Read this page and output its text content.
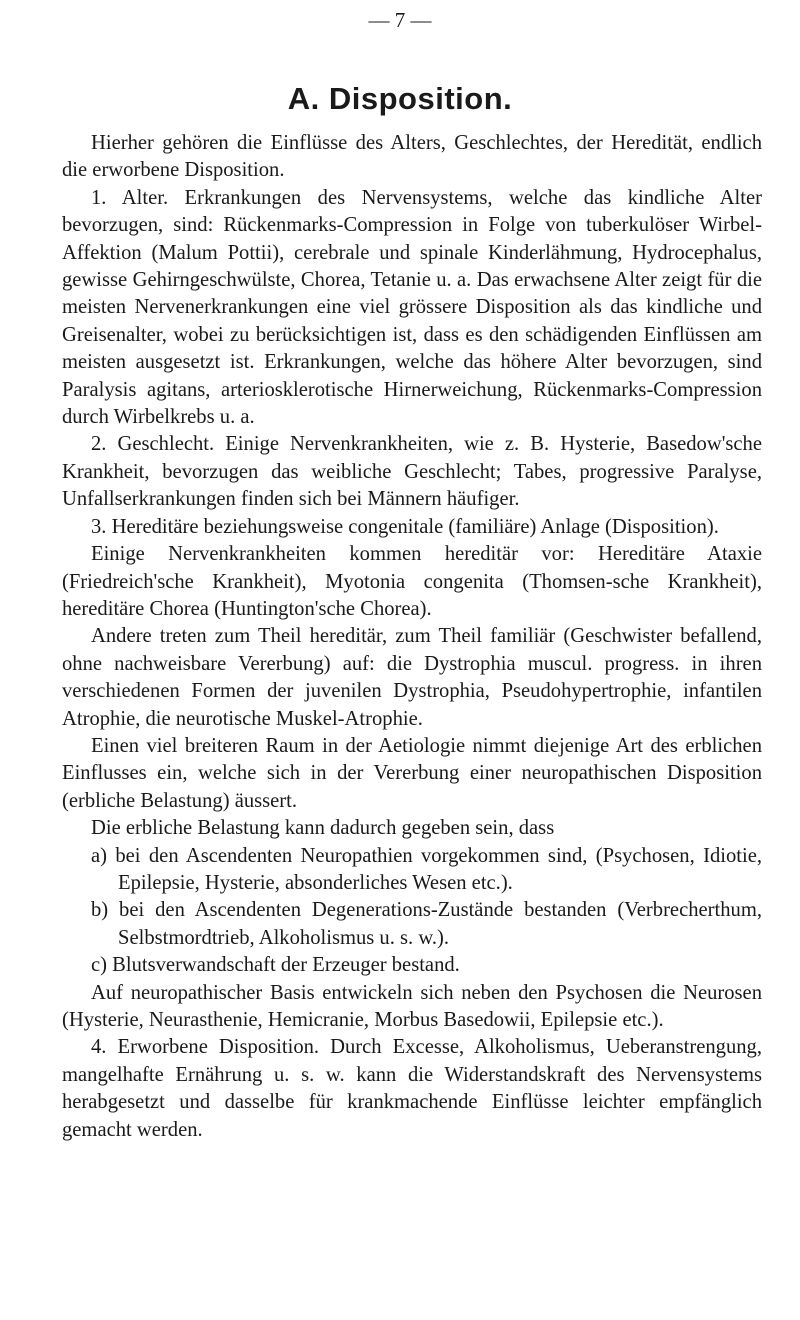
— 7 —
A. Disposition.

Hierher gehören die Einflüsse des Alters, Geschlechtes, der Heredität, endlich die erworbene Disposition.

1. Alter. Erkrankungen des Nervensystems, welche das kindliche Alter bevorzugen, sind: Rückenmarks-Compression in Folge von tuberkulöser Wirbel-Affektion (Malum Pottii), cerebrale und spinale Kinderlähmung, Hydrocephalus, gewisse Gehirngeschwülste, Chorea, Tetanie u. a. Das erwachsene Alter zeigt für die meisten Nervenerkrankungen eine viel grössere Disposition als das kindliche und Greisenalter, wobei zu berücksichtigen ist, dass es den schädigenden Einflüssen am meisten ausgesetzt ist. Erkrankungen, welche das höhere Alter bevorzugen, sind Paralysis agitans, arteriosklerotische Hirnerweichung, Rückenmarks-Compression durch Wirbelkrebs u. a.

2. Geschlecht. Einige Nervenkrankheiten, wie z. B. Hysterie, Basedow'sche Krankheit, bevorzugen das weibliche Geschlecht; Tabes, progressive Paralyse, Unfallserkrankungen finden sich bei Männern häufiger.

3. Hereditäre beziehungsweise congenitale (familiäre) Anlage (Disposition).

Einige Nervenkrankheiten kommen hereditär vor: Hereditäre Ataxie (Friedreich'sche Krankheit), Myotonia congenita (Thomsen-sche Krankheit), hereditäre Chorea (Huntington'sche Chorea).

Andere treten zum Theil hereditär, zum Theil familiär (Geschwister befallend, ohne nachweisbare Vererbung) auf: die Dystrophia muscul. progress. in ihren verschiedenen Formen der juvenilen Dystrophia, Pseudohypertrophie, infantilen Atrophie, die neurotische Muskel-Atrophie.

Einen viel breiteren Raum in der Aetiologie nimmt diejenige Art des erblichen Einflusses ein, welche sich in der Vererbung einer neuropathischen Disposition (erbliche Belastung) äussert.

Die erbliche Belastung kann dadurch gegeben sein, dass

a) bei den Ascendenten Neuropathien vorgekommen sind, (Psychosen, Idiotie, Epilepsie, Hysterie, absonderliches Wesen etc.).

b) bei den Ascendenten Degenerations-Zustände bestanden (Verbrecherthum, Selbstmordtrieb, Alkoholismus u. s. w.).

c) Blutsverwandschaft der Erzeuger bestand.

Auf neuropathischer Basis entwickeln sich neben den Psychosen die Neurosen (Hysterie, Neurasthenie, Hemicranie, Morbus Basedowii, Epilepsie etc.).

4. Erworbene Disposition. Durch Excesse, Alkoholismus, Ueberanstrengung, mangelhafte Ernährung u. s. w. kann die Widerstandskraft des Nervensystems herabgesetzt und dasselbe für krankmachende Einflüsse leichter empfänglich gemacht werden.
